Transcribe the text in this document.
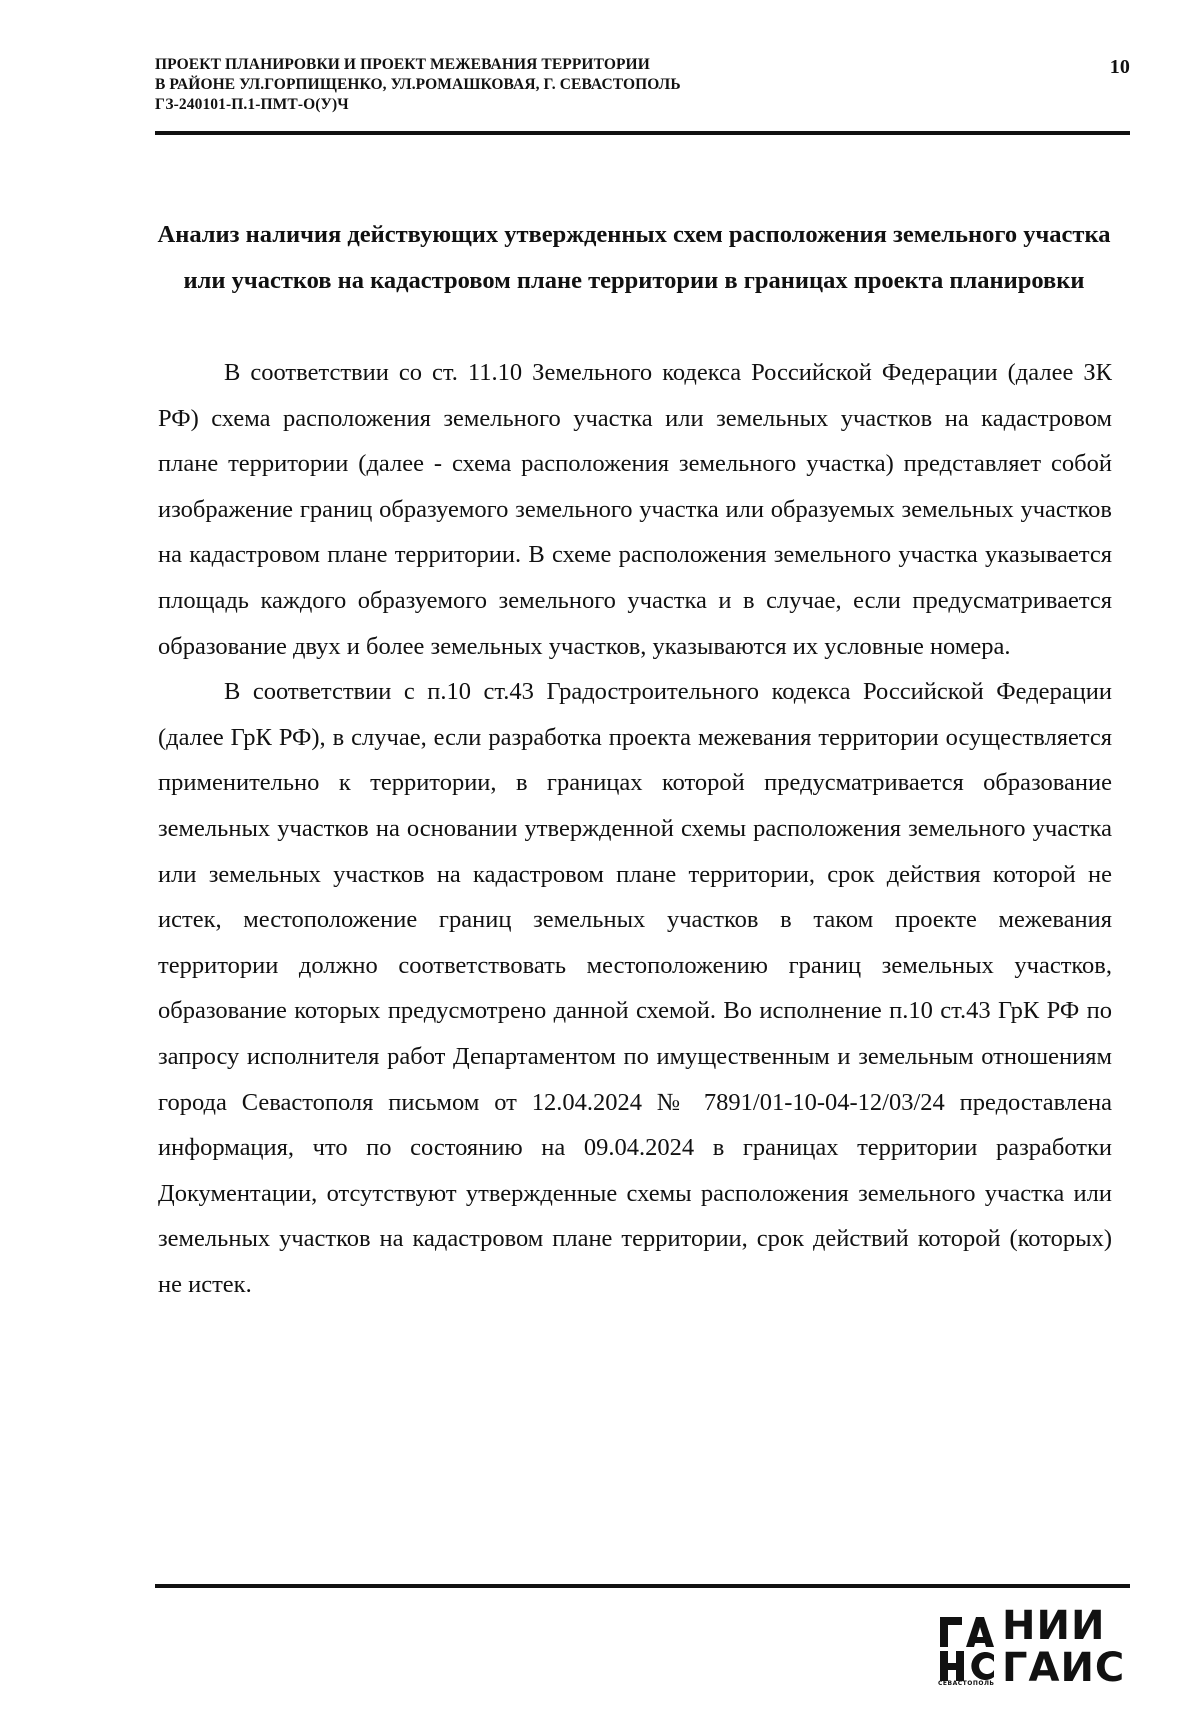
ПРОЕКТ ПЛАНИРОВКИ И ПРОЕКТ МЕЖЕВАНИЯ ТЕРРИТОРИИ
В РАЙОНЕ УЛ.ГОРПИЩЕНКО, УЛ.РОМАШКОВАЯ, Г. СЕВАСТОПОЛЬ
ГЗ-240101-П.1-ПМТ-О(У)Ч
10
Анализ наличия действующих утвержденных схем расположения земельного участка или участков на кадастровом плане территории в границах проекта планировки

В соответствии со ст. 11.10 Земельного кодекса Российской Федерации (далее ЗК РФ) схема расположения земельного участка или земельных участков на кадастровом плане территории (далее - схема расположения земельного участка) представляет собой изображение границ образуемого земельного участка или образуемых земельных участков на кадастровом плане территории. В схеме расположения земельного участка указывается площадь каждого образуемого земельного участка и в случае, если предусматривается образование двух и более земельных участков, указываются их условные номера.

В соответствии с п.10 ст.43 Градостроительного кодекса Российской Федерации (далее ГрК РФ), в случае, если разработка проекта межевания территории осуществляется применительно к территории, в границах которой предусматривается образование земельных участков на основании утвержденной схемы расположения земельного участка или земельных участков на кадастровом плане территории, срок действия которой не истек, местоположение границ земельных участков в таком проекте межевания территории должно соответствовать местоположению границ земельных участков, образование которых предусмотрено данной схемой. Во исполнение п.10 ст.43 ГрК РФ по запросу исполнителя работ Департаментом по имущественным и земельным отношениям города Севастополя письмом от 12.04.2024 № 7891/01-10-04-12/03/24 предоставлена информация, что по состоянию на 09.04.2024 в границах территории разработки Документации, отсутствуют утвержденные схемы расположения земельного участка или земельных участков на кадастровом плане территории, срок действий которой (которых) не истек.

НИИ
ГАИС
СЕВАСТОПОЛЬ
